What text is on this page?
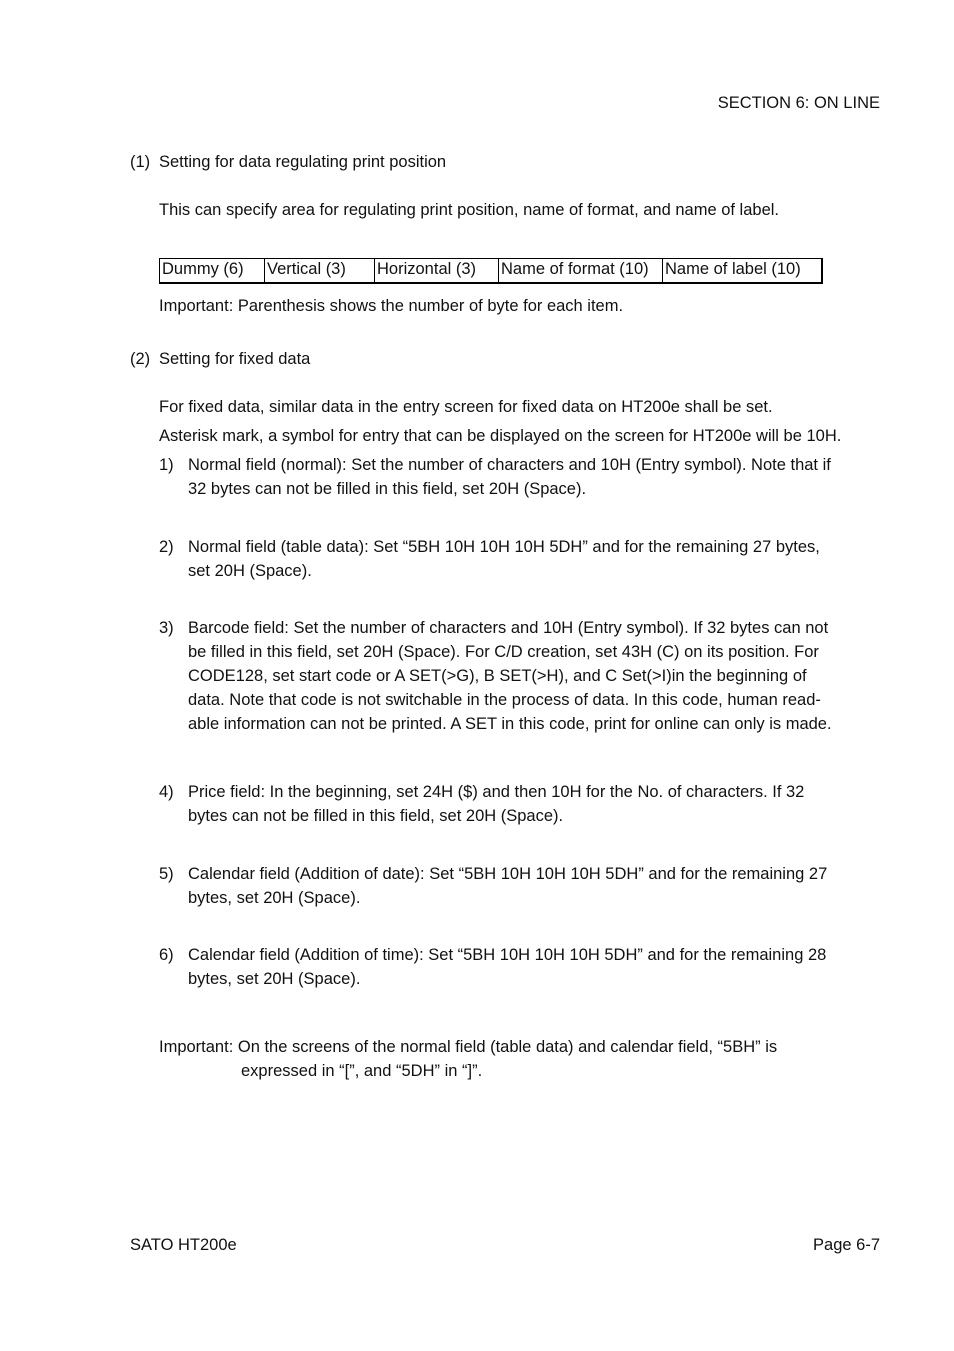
SECTION 6: ON LINE
(1) Setting for data regulating print position
This can specify area for regulating print position, name of format, and name of label.
Dummy (6)	Vertical (3)	Horizontal (3)	Name of format (10) Name of label (10)
Important: Parenthesis shows the number of byte for each item.
(2) Setting for fixed data
For fixed data, similar data in the entry screen for fixed data on HT200e shall be set.
Asterisk mark, a symbol for entry that can be displayed on the screen for HT200e will be 10H.
1) Normal field (normal): Set the number of characters and 10H (Entry symbol). Note that if
32 bytes can not be filled in this field, set 20H (Space).
2) Normal field (table data): Set “5BH 10H 10H 10H 5DH” and for the remaining 27 bytes,
set 20H (Space).
3) Barcode field: Set the number of characters and 10H (Entry symbol). If 32 bytes can not
be filled in this field, set 20H (Space). For C/D creation, set 43H (C) on its position. For
CODE128, set start code or A SET(>G), B SET(>H), and C Set(>I)in the beginning of
data. Note that code is not switchable in the process of data. In this code, human read-
able information can not be printed. A SET in this code, print for online can only is made.
4) Price field: In the beginning, set 24H ($) and then 10H for the No. of characters. If 32
bytes can not be filled in this field, set 20H (Space).
5) Calendar field (Addition of date): Set “5BH 10H 10H 10H 5DH” and for the remaining 27
bytes, set 20H (Space).
6) Calendar field (Addition of time): Set “5BH 10H 10H 10H 5DH” and for the remaining 28
bytes, set 20H (Space).
Important: On the screens of the normal field (table data) and calendar field, “5BH” is
expressed in “[”, and “5DH” in “]”.
SATO HT200e	Page 6-7
